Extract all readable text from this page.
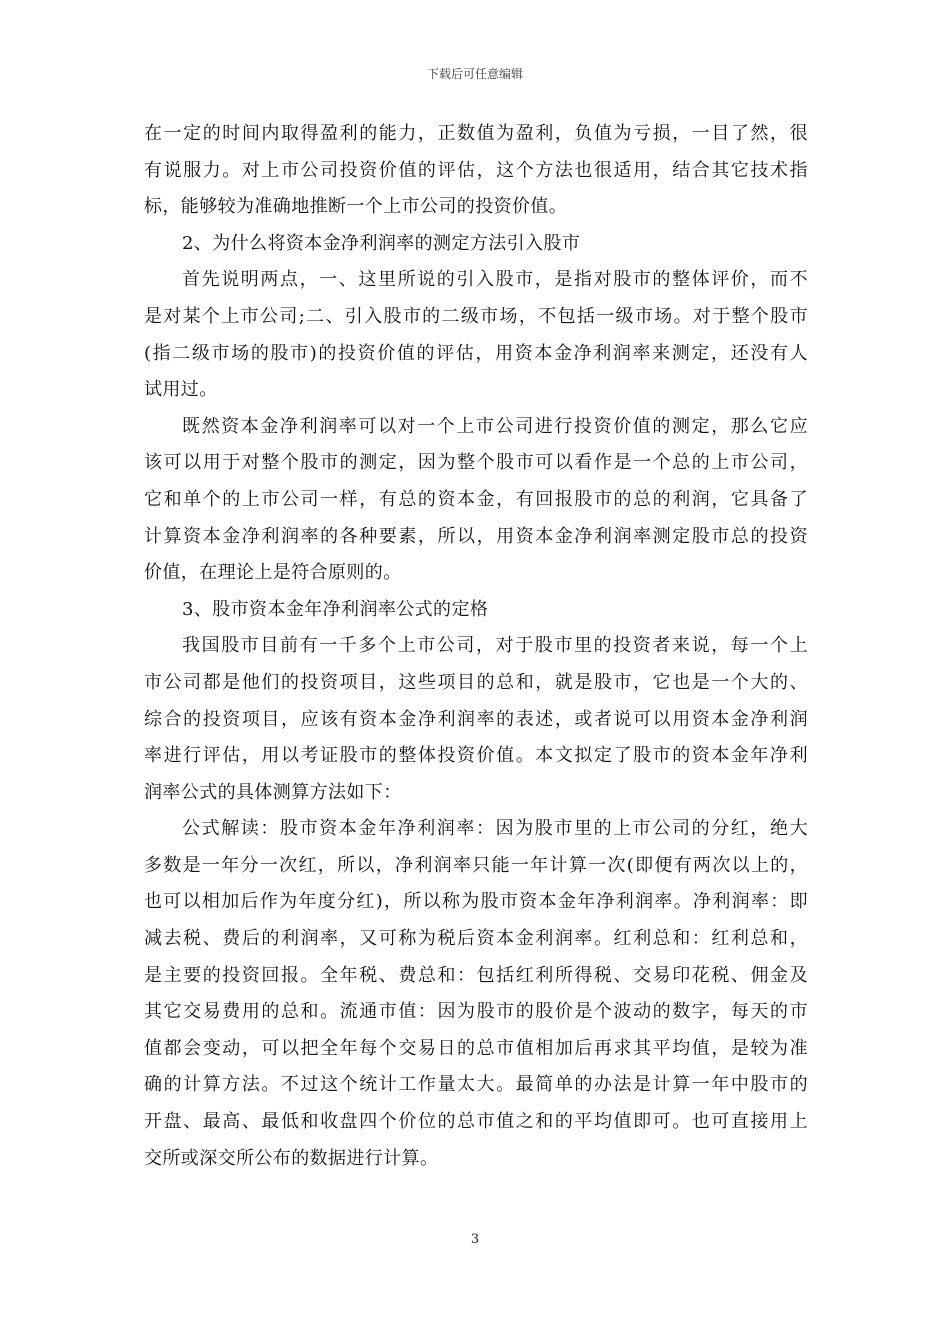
下载后可任意编辑
在一定的时间内取得盈利的能力，正数值为盈利，负值为亏损，一目了然，很
有说服力。对上市公司投资价值的评估，这个方法也很适用，结合其它技术指
标，能够较为准确地推断一个上市公司的投资价值。
2、为什么将资本金净利润率的测定方法引入股市
首先说明两点，一、这里所说的引入股市，是指对股市的整体评价，而不
是对某个上市公司;二、引入股市的二级市场，不包括一级市场。对于整个股市
(指二级市场的股市)的投资价值的评估，用资本金净利润率来测定，还没有人
试用过。
既然资本金净利润率可以对一个上市公司进行投资价值的测定，那么它应
该可以用于对整个股市的测定，因为整个股市可以看作是一个总的上市公司，
它和单个的上市公司一样，有总的资本金，有回报股市的总的利润，它具备了
计算资本金净利润率的各种要素，所以，用资本金净利润率测定股市总的投资
价值，在理论上是符合原则的。
3、股市资本金年净利润率公式的定格
我国股市目前有一千多个上市公司，对于股市里的投资者来说，每一个上
市公司都是他们的投资项目，这些项目的总和，就是股市，它也是一个大的、
综合的投资项目，应该有资本金净利润率的表述，或者说可以用资本金净利润
率进行评估，用以考证股市的整体投资价值。本文拟定了股市的资本金年净利
润率公式的具体测算方法如下：
公式解读：股市资本金年净利润率：因为股市里的上市公司的分红，绝大
多数是一年分一次红，所以，净利润率只能一年计算一次(即便有两次以上的，
也可以相加后作为年度分红)，所以称为股市资本金年净利润率。净利润率：即
减去税、费后的利润率，又可称为税后资本金利润率。红利总和：红利总和，
是主要的投资回报。全年税、费总和：包括红利所得税、交易印花税、佣金及
其它交易费用的总和。流通市值：因为股市的股价是个波动的数字，每天的市
值都会变动，可以把全年每个交易日的总市值相加后再求其平均值，是较为准
确的计算方法。不过这个统计工作量太大。最简单的办法是计算一年中股市的
开盘、最高、最低和收盘四个价位的总市值之和的平均值即可。也可直接用上
交所或深交所公布的数据进行计算。
3
